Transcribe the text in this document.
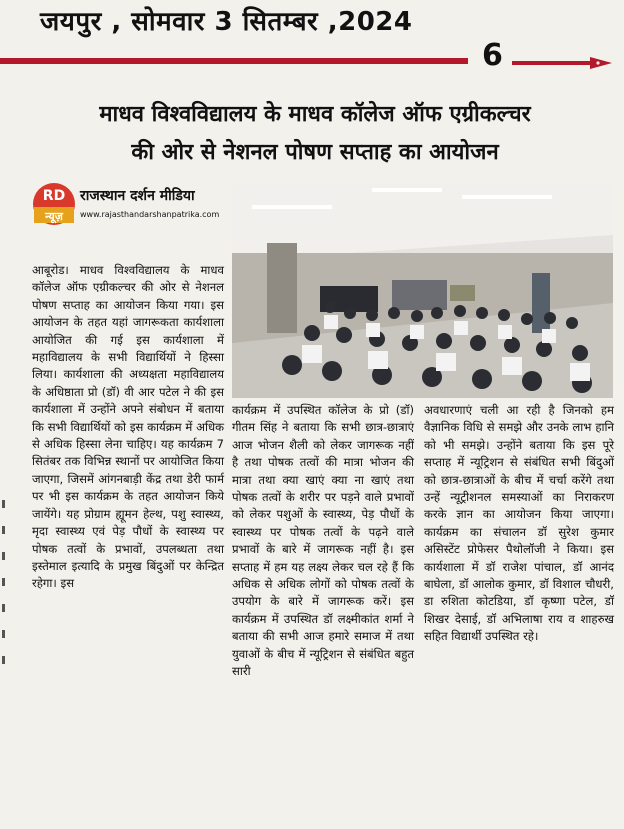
जयपुर , सोमवार 3 सितम्बर ,2024
6
माधव विश्वविद्यालय के माधव कॉलेज ऑफ एग्रीकल्चर
की ओर से नेशनल पोषण सप्ताह का आयोजन
RD
न्यूज़
राजस्थान दर्शन मीडिया
www.rajasthandarshanpatrika.com
आबूरोड। माधव विश्वविद्यालय के माधव कॉलेज ऑफ एग्रीकल्चर की ओर से नेशनल पोषण सप्ताह का आयोजन किया गया। इस आयोजन के तहत यहां जागरूकता कार्यशाला आयोजित की गई इस कार्यशाला में महाविद्यालय के सभी विद्यार्थियों ने हिस्सा लिया। कार्यशाला की अध्यक्षता महाविद्यालय के अधिष्ठाता प्रो (डॉ) वी आर पटेल ने की इस कार्यशाला में उन्होंने अपने संबोधन में बताया कि सभी विद्यार्थियों को इस कार्यक्रम में अधिक से अधिक हिस्सा लेना चाहिए। यह कार्यक्रम 7 सितंबर तक विभिन्न स्थानों पर आयोजित किया जाएगा, जिसमें आंगनबाड़ी केंद्र तथा डेरी फार्म पर भी इस कार्यक्रम के तहत आयोजन किये जायेंगे। यह प्रोग्राम ह्यूमन हेल्थ, पशु स्वास्थ्य, मृदा स्वास्थ्य एवं पेड़ पौधों के स्वास्थ्य पर पोषक तत्वों के प्रभावों, उपलब्धता तथा इस्तेमाल इत्यादि के प्रमुख बिंदुओं पर केन्द्रित रहेगा। इस
कार्यक्रम में उपस्थित कॉलेज के प्रो (डॉ) गीतम सिंह ने बताया कि सभी छात्र-छात्राएं आज भोजन शैली को लेकर जागरूक नहीं है तथा पोषक तत्वों की मात्रा भोजन की मात्रा तथा क्या खाएं क्या ना खाएं तथा पोषक तत्वों के शरीर पर पड़ने वाले प्रभावों को लेकर पशुओं के स्वास्थ्य, पेड़ पौधों के स्वास्थ्य पर पोषक तत्वों के पढ़ने वाले प्रभावों के बारे में जागरूक नहीं है। इस सप्ताह में हम यह लक्ष्य लेकर चल रहे हैं कि अधिक से अधिक लोगों को पोषक तत्वों के उपयोग के बारे में जागरूक करें। इस कार्यक्रम में उपस्थित डॉ लक्ष्मीकांत शर्मा ने बताया की सभी आज हमारे समाज में तथा युवाओं के बीच में न्यूट्रिशन से संबंधित बहुत सारी
अवधारणाएं चली आ रही है जिनको हम वैज्ञानिक विधि से समझे और उनके लाभ हानि को भी समझे। उन्होंने बताया कि इस पूरे सप्ताह में न्यूट्रिशन से संबंधित सभी बिंदुओं को छात्र-छात्राओं के बीच में चर्चा करेंगे तथा उन्हें न्यूट्रीशनल समस्याओं का निराकरण करके ज्ञान का आयोजन किया जाएगा। कार्यक्रम का संचालन डॉ सुरेश कुमार असिस्टेंट प्रोफेसर पैथोलॉजी ने किया। इस कार्यशाला में डॉ राजेश पांचाल, डॉ आनंद बाघेला, डॉ आलोक कुमार, डॉ विशाल चौधरी, डा रुशिता कोटडिया, डॉ कृष्णा पटेल, डॉ शिखर देसाई, डॉ अभिलाषा राय व शाहरुख सहित विद्यार्थी उपस्थित रहे।
